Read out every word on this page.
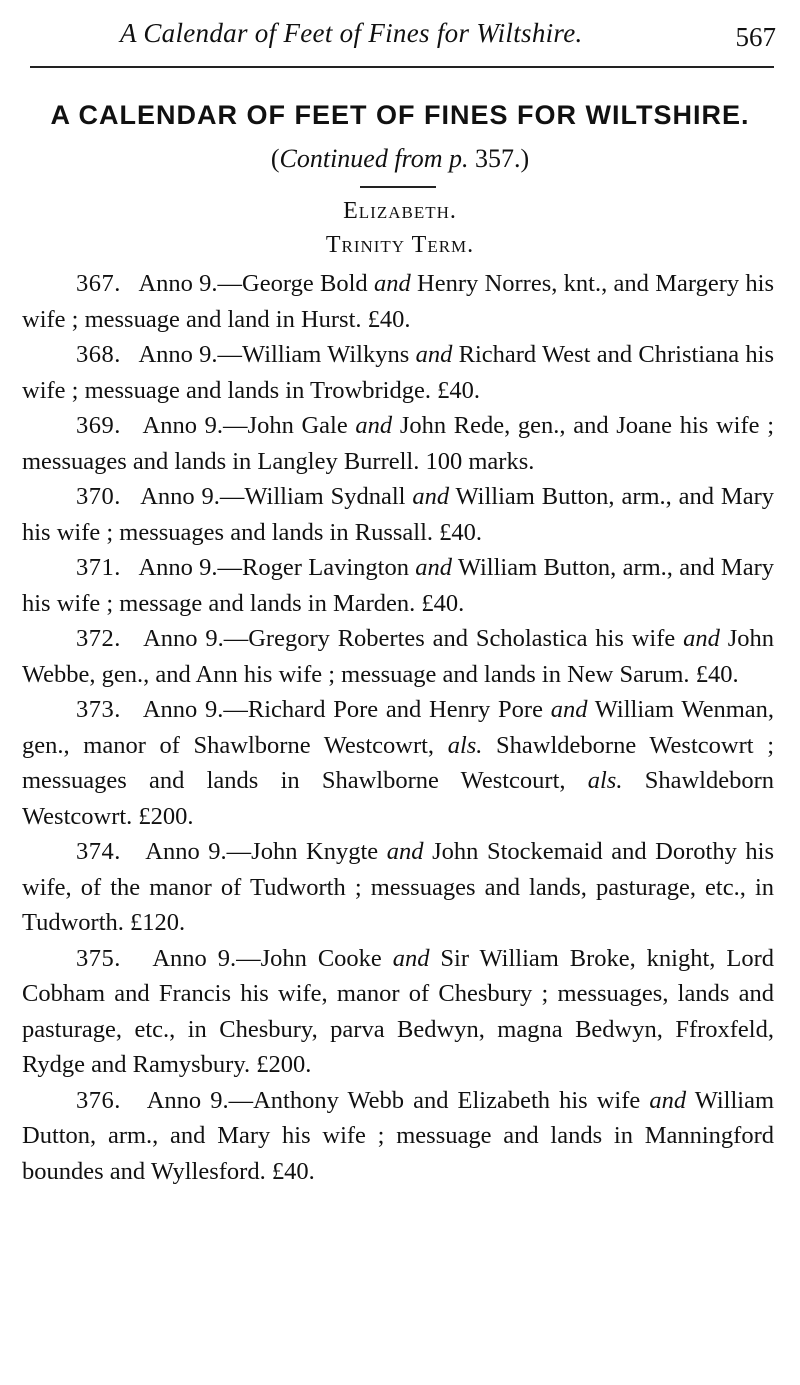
A Calendar of Feet of Fines for Wiltshire.	567
A CALENDAR OF FEET OF FINES FOR WILTSHIRE.
(Continued from p. 357.)
Elizabeth.
Trinity Term.

367. Anno 9.—George Bold and Henry Norres, knt., and Margery his wife ; messuage and land in Hurst. £40.

368. Anno 9.—William Wilkyns and Richard West and Christiana his wife ; messuage and lands in Trowbridge. £40.

369. Anno 9.—John Gale and John Rede, gen., and Joane his wife ; messuages and lands in Langley Burrell. 100 marks.

370. Anno 9.—William Sydnall and William Button, arm., and Mary his wife ; messuages and lands in Russall. £40.

371. Anno 9.—Roger Lavington and William Button, arm., and Mary his wife ; message and lands in Marden. £40.

372. Anno 9.—Gregory Robertes and Scholastica his wife and John Webbe, gen., and Ann his wife ; messuage and lands in New Sarum. £40.

373. Anno 9.—Richard Pore and Henry Pore and William Wenman, gen., manor of Shawlborne Westcowrt, als. Shawldeborne Westcowrt ; messuages and lands in Shawlborne Westcourt, als. Shawldeborn Westcowrt. £200.

374. Anno 9.—John Knygte and John Stockemaid and Dorothy his wife, of the manor of Tudworth ; messuages and lands, pasturage, etc., in Tudworth. £120.

375. Anno 9.—John Cooke and Sir William Broke, knight, Lord Cobham and Francis his wife, manor of Chesbury ; messuages, lands and pasturage, etc., in Chesbury, parva Bedwyn, magna Bedwyn, Ffroxfeld, Rydge and Ramysbury. £200.

376. Anno 9.—Anthony Webb and Elizabeth his wife and William Dutton, arm., and Mary his wife ; messuage and lands in Manningford boundes and Wyllesford. £40.
